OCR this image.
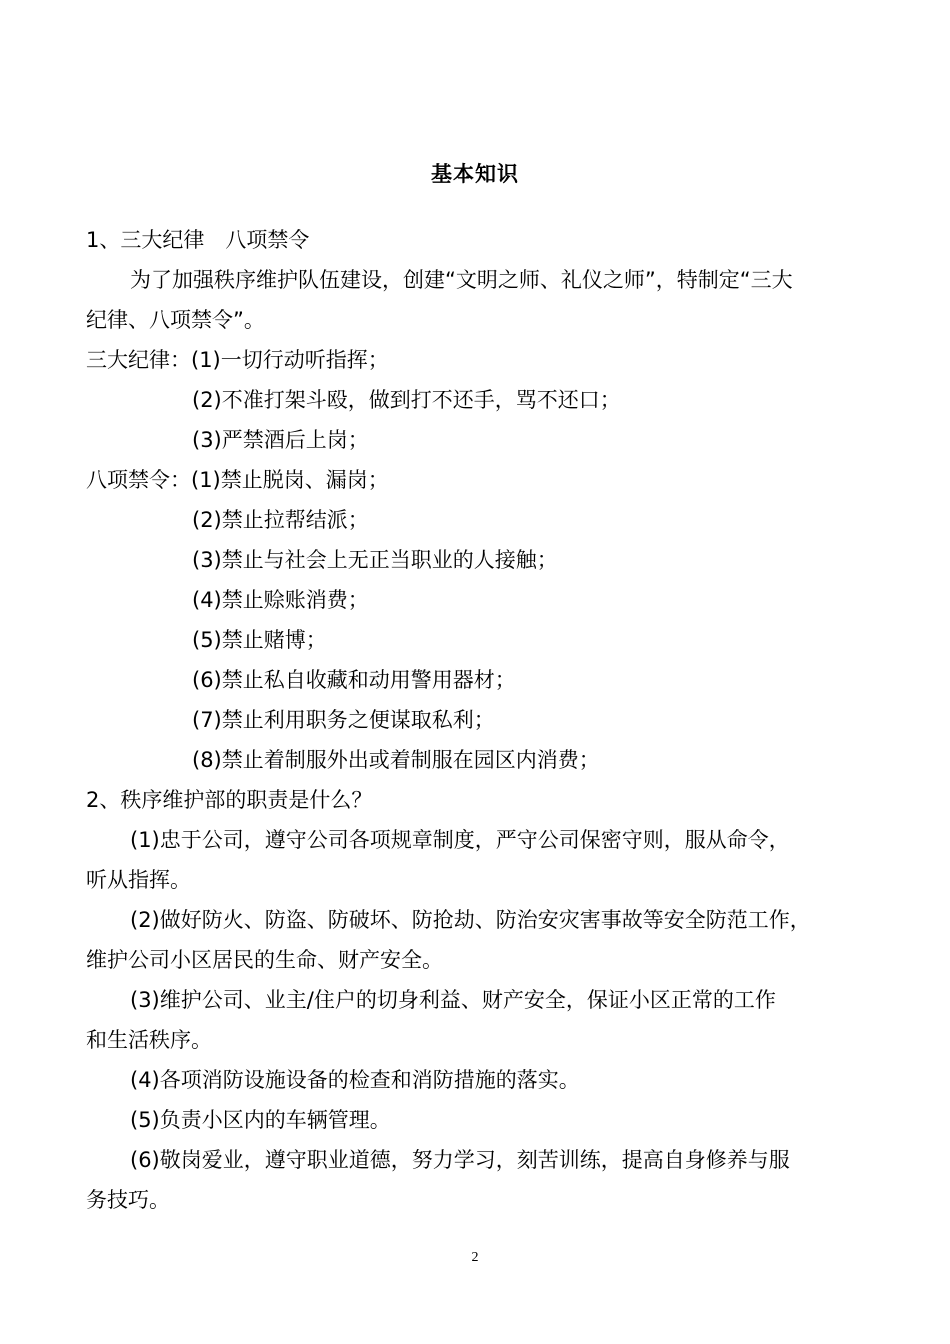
基本知识
1、三大纪律　八项禁令
为了加强秩序维护队伍建设，创建“文明之师、礼仪之师”，特制定“三大
纪律、八项禁令”。
三大纪律：(1)一切行动听指挥；
(2)不准打架斗殴，做到打不还手，骂不还口；
(3)严禁酒后上岗；
八项禁令：(1)禁止脱岗、漏岗；
(2)禁止拉帮结派；
(3)禁止与社会上无正当职业的人接触；
(4)禁止赊账消费；
(5)禁止赌博；
(6)禁止私自收藏和动用警用器材；
(7)禁止利用职务之便谋取私利；
(8)禁止着制服外出或着制服在园区内消费；
2、秩序维护部的职责是什么？
(1)忠于公司，遵守公司各项规章制度，严守公司保密守则，服从命令，
听从指挥。
(2)做好防火、防盗、防破坏、防抢劫、防治安灾害事故等安全防范工作，
维护公司小区居民的生命、财产安全。
(3)维护公司、业主/住户的切身利益、财产安全，保证小区正常的工作
和生活秩序。
(4)各项消防设施设备的检查和消防措施的落实。
(5)负责小区内的车辆管理。
(6)敬岗爱业，遵守职业道德，努力学习，刻苦训练，提高自身修养与服
务技巧。
2
